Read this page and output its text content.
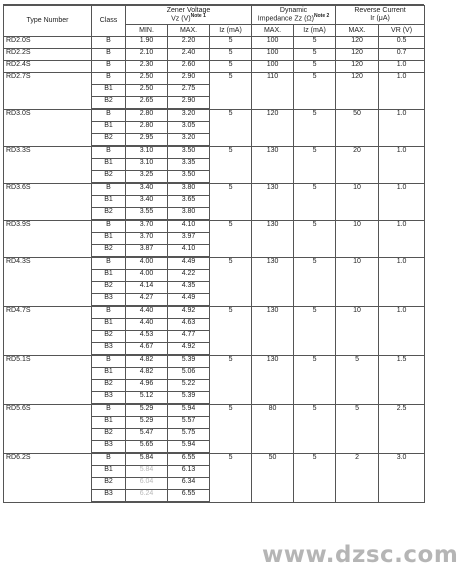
Type Number	Class	Zener Voltage
Vz $(V)^{Note 1}$			Dynamic
Impedance Zz $(\Omega)^{Note 2}$		Reverse Current
Ir (μA)	
		MIN.	MAX.	Iz (mA)	MAX.	Iz (mA)	MAX.	VR (V)
RD2.0S	B	1.90	2.20	5	100	5	120	0.5
RD2.2S	B	2.10	2.40	5	100	5	120	0.7
RD2.4S	B	2.30	2.60	5	100	5	120	1.0
RD2.7S	B	2.50	2.90	5	110	5	120	1.0
	B1	2.50	2.75					
	B2	2.65	2.90					

RD3.0S	B	2.80	3.20	5	120	5	50	1.0
	B1	2.80	3.05					
	B2	2.95	3.20					

RD3.3S	B	3.10	3.50	5	130	5	20	1.0
	B1	3.10	3.35					
	B2	3.25	3.50					

RD3.6S	B	3.40	3.80	5	130	5	10	1.0
	B1	3.40	3.65					
	B2	3.55	3.80					

RD3.9S	B	3.70	4.10	5	130	5	10	1.0
	B1	3.70	3.97					
	B2	3.87	4.10					

RD4.3S	B	4.00	4.49	5	130	5	10	1.0
	B1	4.00	4.22					
	B2	4.14	4.35					
	B3	4.27	4.49					

RD4.7S	B	4.40	4.92	5	130	5	10	1.0
	B1	4.40	4.63					
	B2	4.53	4.77					
	B3	4.67	4.92					

RD5.1S	B	4.82	5.39	5	130	5	5	1.5
	B1	4.82	5.06					
	B2	4.96	5.22					
	B3	5.12	5.39					

RD5.6S	B	5.29	5.94	5	80	5	5	2.5
	B1	5.29	5.57					
	B2	5.47	5.75					
	B3	5.65	5.94					

RD6.2S	B	5.84	6.55	5	50	5	2	3.0
	B1	5.84	6.13					
	B2	6.04	6.34					
	B3	6.24	6.55					

www.dzsc.com
